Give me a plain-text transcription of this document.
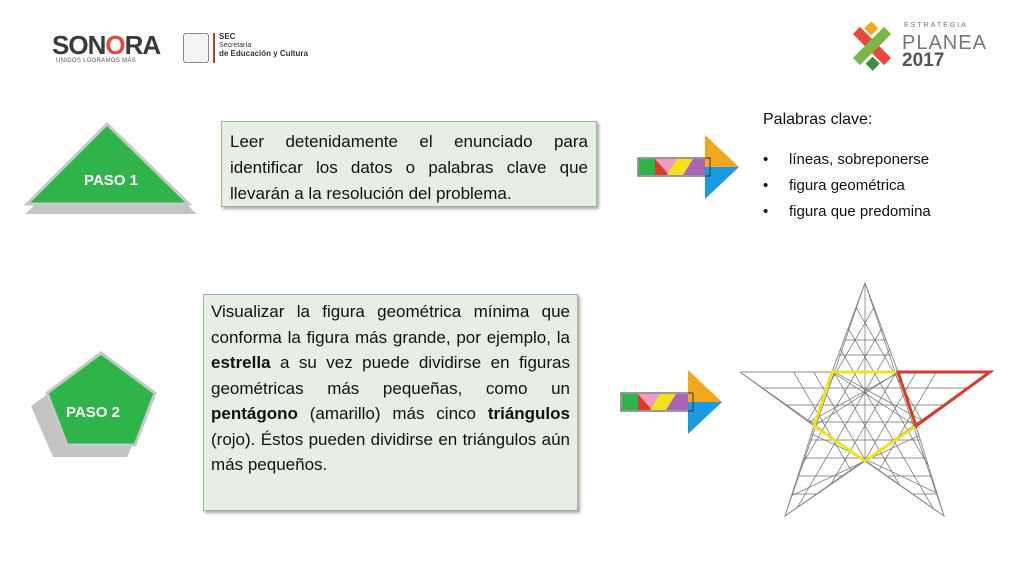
SONORA
UNIDOS LOGRAMOS MÁS
SEC
Secretaría
de Educación y Cultura
ESTRATEGIA
PLANEA
2017
PASO 1
Leer detenidamente el enunciado para identificar los datos o palabras clave que llevarán a la resolución del problema.
Palabras clave:
• líneas, sobreponerse
• figura geométrica
• figura que predomina
PASO 2
Visualizar la figura geométrica mínima que conforma la figura más grande, por ejemplo, la estrella a su vez puede dividirse en figuras geométricas más pequeñas, como un pentágono (amarillo) más cinco triángulos (rojo). Éstos pueden dividirse en triángulos aún más pequeños.
